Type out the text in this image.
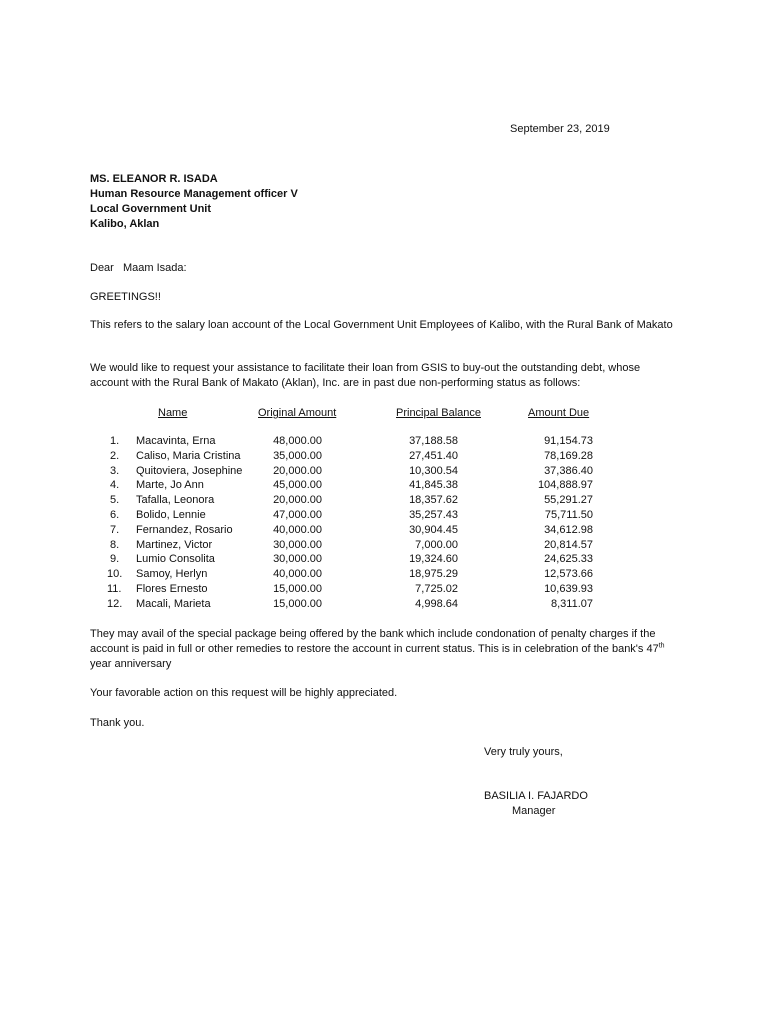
September 23, 2019
MS. ELEANOR R. ISADA
Human Resource Management officer V
Local Government Unit
Kalibo, Aklan
Dear   Maam Isada:
GREETINGS!!

This refers to the salary loan account of the Local Government Unit Employees of Kalibo, with the Rural Bank of Makato

We would like to request your assistance to facilitate their loan from GSIS to buy-out the outstanding debt, whose account with the Rural Bank of Makato (Aklan), Inc. are in past due non-performing status as follows:

Name	Original Amount	Principal Balance	Amount Due
1. Macavinta, Erna	48,000.00	37,188.58	91,154.73
2. Caliso, Maria Cristina	35,000.00	27,451.40	78,169.28
3. Quitoviera, Josephine	20,000.00	10,300.54	37,386.40
4. Marte, Jo Ann	45,000.00	41,845.38	104,888.97
5. Tafalla, Leonora	20,000.00	18,357.62	55,291.27
6. Bolido, Lennie	47,000.00	35,257.43	75,711.50
7. Fernandez, Rosario	40,000.00	30,904.45	34,612.98
8. Martinez, Victor	30,000.00	7,000.00	20,814.57
9. Lumio Consolita	30,000.00	19,324.60	24,625.33
10. Samoy, Herlyn	40,000.00	18,975.29	12,573.66
11. Flores Ernesto	15,000.00	7,725.02	10,639.93
12. Macali, Marieta	15,000.00	4,998.64	8,311.07

They may avail of the special package being offered by the bank which include condonation of penalty charges if the account is paid in full or other remedies to restore the account in current status. This is in celebration of the bank's 47th year anniversary

Your favorable action on this request will be highly appreciated.

Thank you.
Very truly yours,
BASILIA I. FAJARDO
Manager
